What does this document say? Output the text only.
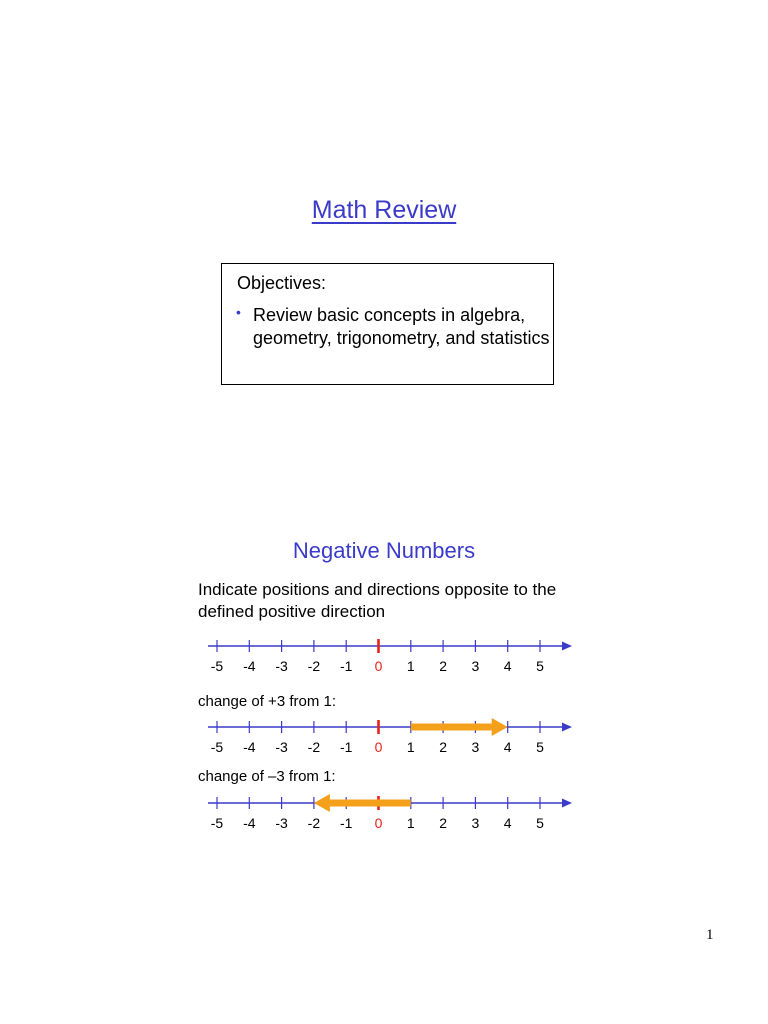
Math Review
Objectives:
• Review basic concepts in algebra, geometry, trigonometry, and statistics
Negative Numbers
Indicate positions and directions opposite to the defined positive direction
change of +3 from 1:
change of –3 from 1:
-5 -4 -3 -2 -1 0 1 2 3 4 5
-5 -4 -3 -2 -1 0 1 2 3 4 5
-5 -4 -3 -2 -1 0 1 2 3 4 5
1
